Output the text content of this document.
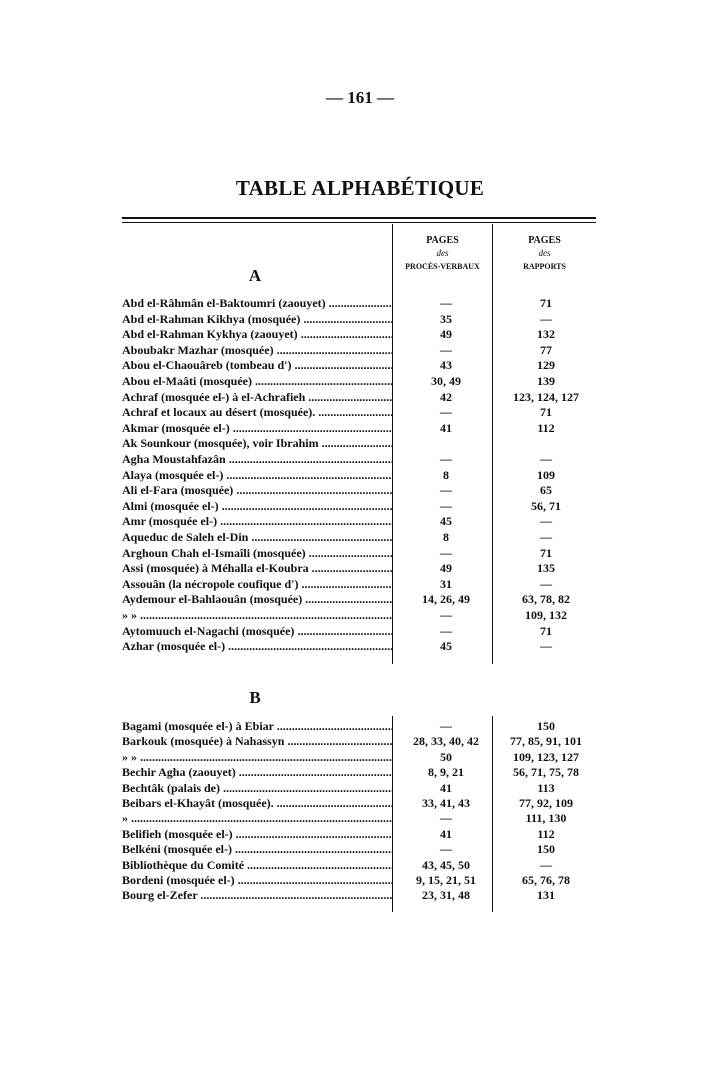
— 161 —
TABLE ALPHABÉTIQUE
PAGES
des
PROCÈS-VERBAUX
PAGES
des
RAPPORTS
A
B
Abd el-Râhmân el-Baktoumri (zaouyet) .....	—	71
Abd el-Rahman Kikhya (mosquée) .....	35	—
Abd el-Rahman Kykhya (zaouyet) .....	49	132
Aboubakr Mazhar (mosquée) .....	—	77
Abou el-Chaouâreb (tombeau d') .....	43	129
Abou el-Maâti (mosquée) .....	30, 49	139
Achraf (mosquée el-) à el-Achrafieh .....	42	123, 124, 127
Achraf et locaux au désert (mosquée). .....	—	71
Akmar (mosquée el-) .....	41	112
Ak Sounkour (mosquée), voir Ibrahim .....
Agha Moustahfazân .....	—	—
Alaya (mosquée el-) .....	8	109
Ali el-Fara (mosquée) .....	—	65
Almi (mosquée el-) .....	—	56, 71
Amr (mosquée el-) .....	45	—
Aqueduc de Saleh el-Din .....	8	—
Arghoun Chah el-Ismaîli (mosquée) .....	—	71
Assi (mosquée) à Méhalla el-Koubra .....	49	135
Assouân (la nécropole coufique d') .....	31	—
Aydemour el-Bahlaouân (mosquée) .....	14, 26, 49	63, 78, 82
» » .....	—	109, 132
Aytomuuch el-Nagachi (mosquée) .....	—	71
Azhar (mosquée el-) .....	45	—
Bagami (mosquée el-) à Ebiar .....	—	150
Barkouk (mosquée) à Nahassyn .....	28, 33, 40, 42	77, 85, 91, 101
» » .....	50	109, 123, 127
Bechir Agha (zaouyet) .....	8, 9, 21	56, 71, 75, 78
Bechtâk (palais de) .....	41	113
Beibars el-Khayât (mosquée). .....	33, 41, 43	77, 92, 109
» .....	—	111, 130
Belifieh (mosquée el-) .....	41	112
Belkéni (mosquée el-) .....	—	150
Bibliothèque du Comité .....	43, 45, 50	—
Bordeni (mosquée el-) .....	9, 15, 21, 51	65, 76, 78
Bourg el-Zefer .....	23, 31, 48	131
